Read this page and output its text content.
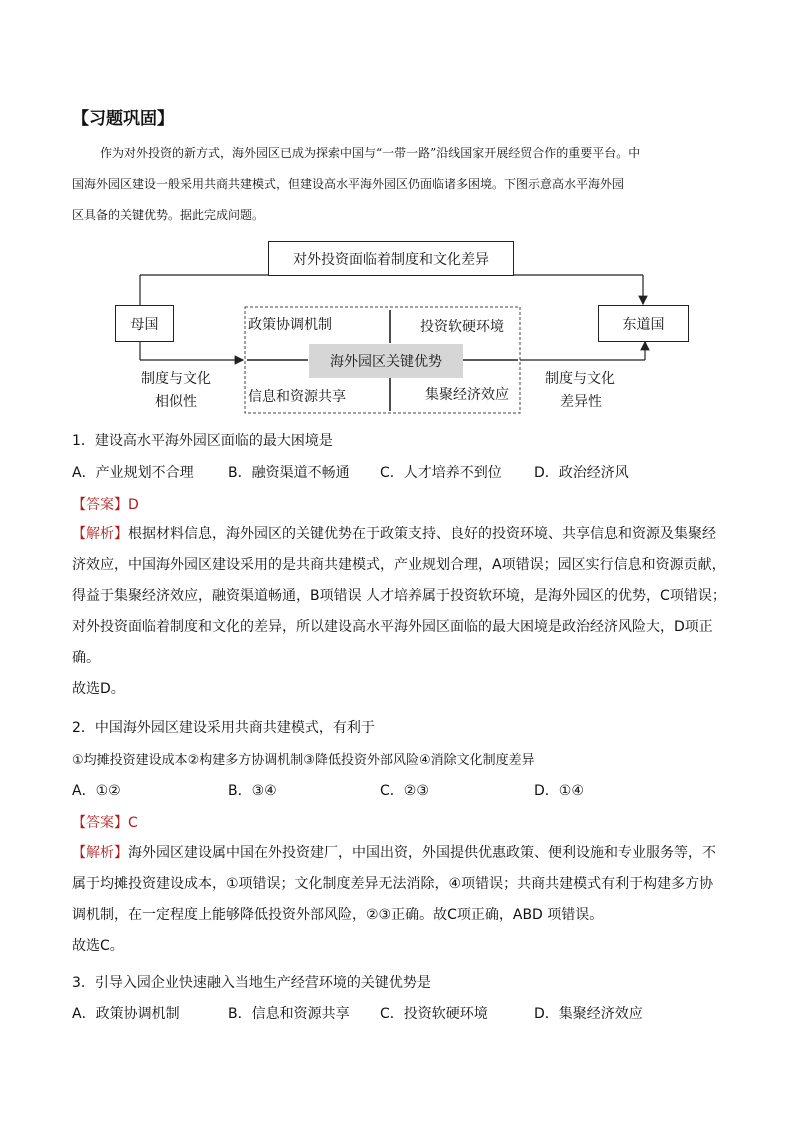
【习题巩固】
作为对外投资的新方式，海外园区已成为探索中国与“一带一路”沿线国家开展经贸合作的重要平台。中
国海外园区建设一般采用共商共建模式，但建设高水平海外园区仍面临诸多困境。下图示意高水平海外园
区具备的关键优势。据此完成问题。
对外投资面临着制度和文化差异
母国	东道国
海外园区关键优势
政策协调机制	投资软硬环境
信息和资源共享	集聚经济效应
制度与文化
相似性
制度与文化
差异性
1．建设高水平海外园区面临的最大困境是
A．产业规划不合理 B．融资渠道不畅通 C．人才培养不到位 D．政治经济风
【答案】D
【解析】根据材料信息，海外园区的关键优势在于政策支持、良好的投资环境、共享信息和资源及集聚经
济效应，中国海外园区建设采用的是共商共建模式，产业规划合理，A项错误；园区实行信息和资源贡献，
得益于集聚经济效应，融资渠道畅通，B项错误 人才培养属于投资软环境，是海外园区的优势，C项错误；
对外投资面临着制度和文化的差异，所以建设高水平海外园区面临的最大困境是政治经济风险大，D项正
确。
故选D。
2．中国海外园区建设采用共商共建模式，有利于
①均摊投资建设成本②构建多方协调机制③降低投资外部风险④消除文化制度差异
A．①②	B．③④	C．②③	D．①④
【答案】C
【解析】海外园区建设属中国在外投资建厂，中国出资，外国提供优惠政策、便利设施和专业服务等，不
属于均摊投资建设成本，①项错误；文化制度差异无法消除，④项错误；共商共建模式有利于构建多方协
调机制，在一定程度上能够降低投资外部风险，②③正确。故C项正确，ABD 项错误。
故选C。
3．引导入园企业快速融入当地生产经营环境的关键优势是
A．政策协调机制	B．信息和资源共享 C．投资软硬环境	D．集聚经济效应
